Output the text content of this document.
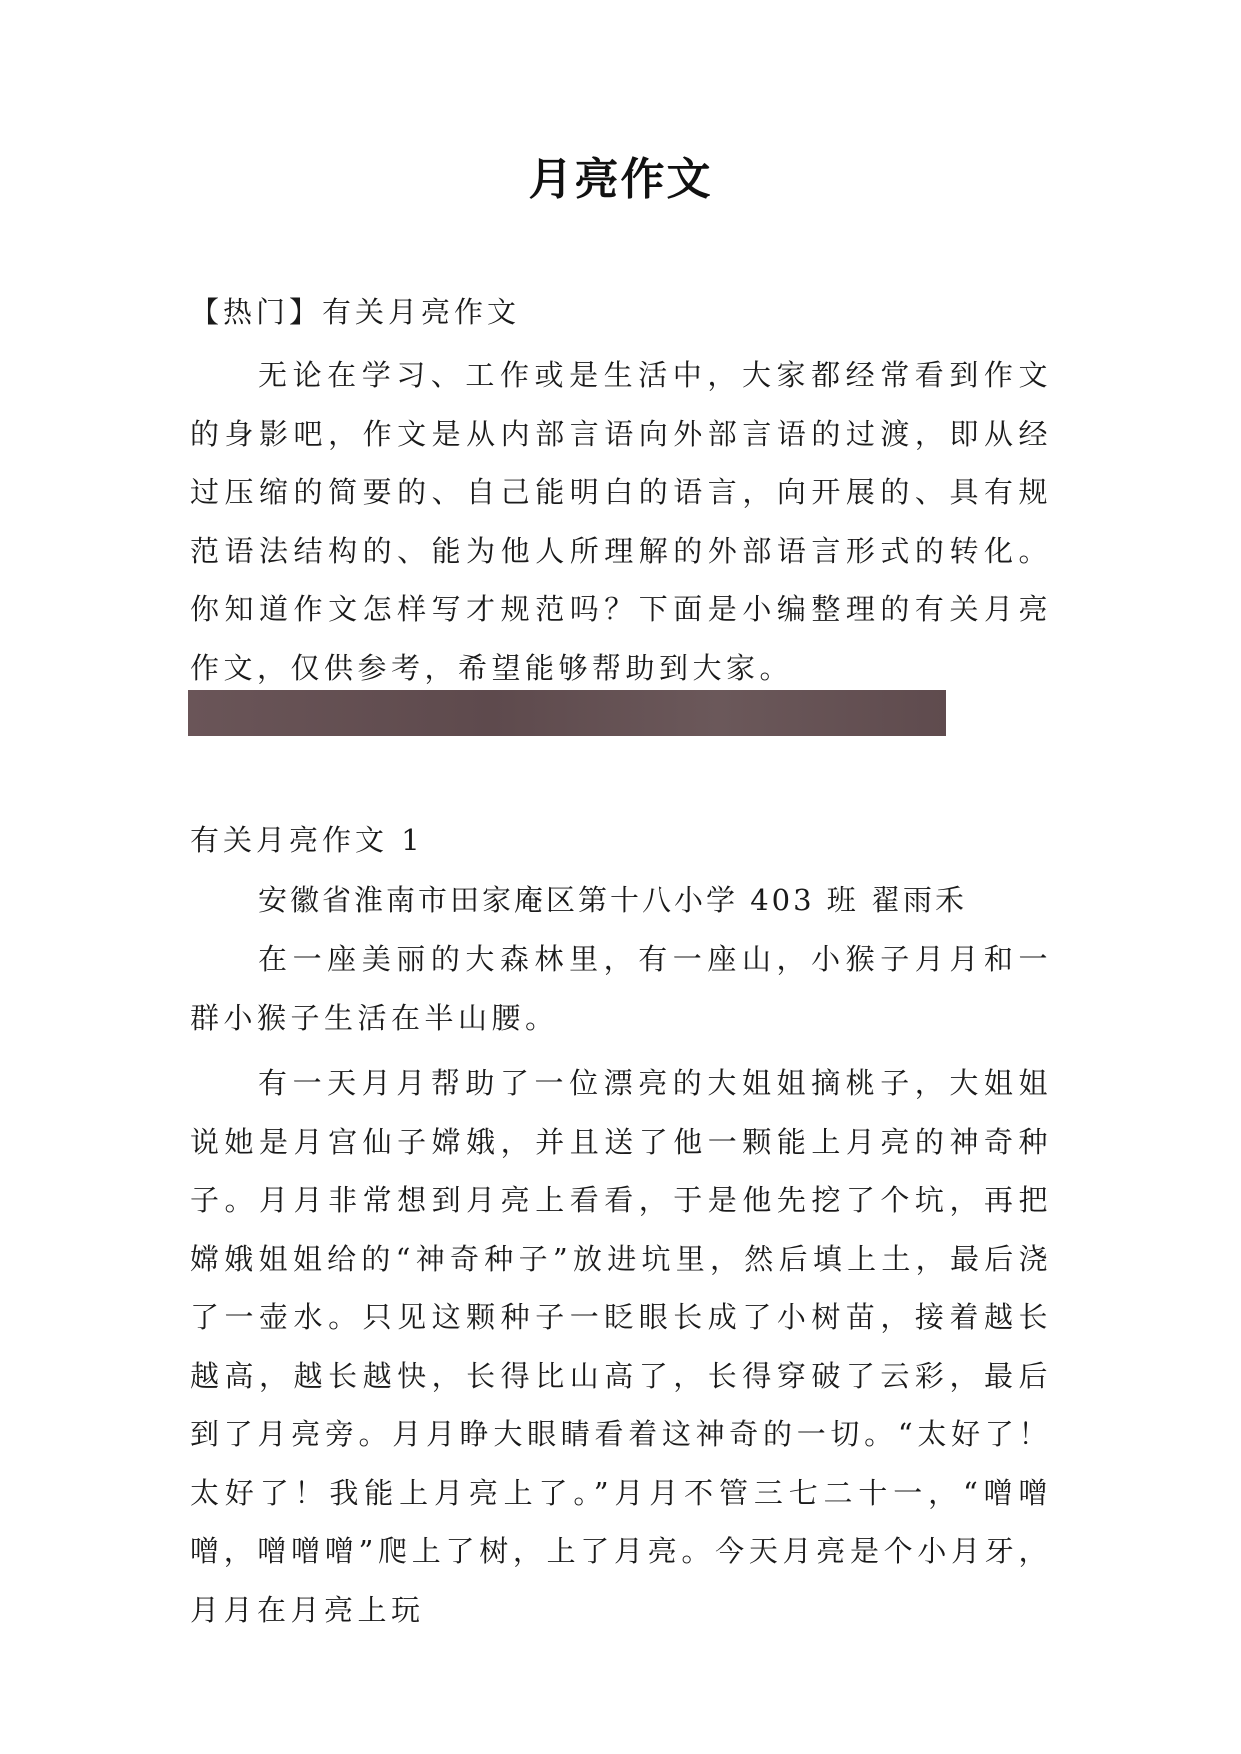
月亮作文
【热门】有关月亮作文

无论在学习、工作或是生活中，大家都经常看到作文的身影吧，作文是从内部言语向外部言语的过渡，即从经过压缩的简要的、自己能明白的语言，向开展的、具有规范语法结构的、能为他人所理解的外部语言形式的转化。你知道作文怎样写才规范吗？下面是小编整理的有关月亮作文，仅供参考，希望能够帮助到大家。

有关月亮作文 1
安徽省淮南市田家庵区第十八小学 403 班 翟雨禾

在一座美丽的大森林里，有一座山，小猴子月月和一群小猴子生活在半山腰。

有一天月月帮助了一位漂亮的大姐姐摘桃子，大姐姐说她是月宫仙子嫦娥，并且送了他一颗能上月亮的神奇种子。月月非常想到月亮上看看，于是他先挖了个坑，再把嫦娥姐姐给的“神奇种子”放进坑里，然后填上土，最后浇了一壶水。只见这颗种子一眨眼长成了小树苗，接着越长越高，越长越快，长得比山高了，长得穿破了云彩，最后到了月亮旁。月月睁大眼睛看着这神奇的一切。“太好了！太好了！我能上月亮上了。”月月不管三七二十一，“噌噌噌，噌噌噌”爬上了树，上了月亮。今天月亮是个小月牙，月月在月亮上玩
